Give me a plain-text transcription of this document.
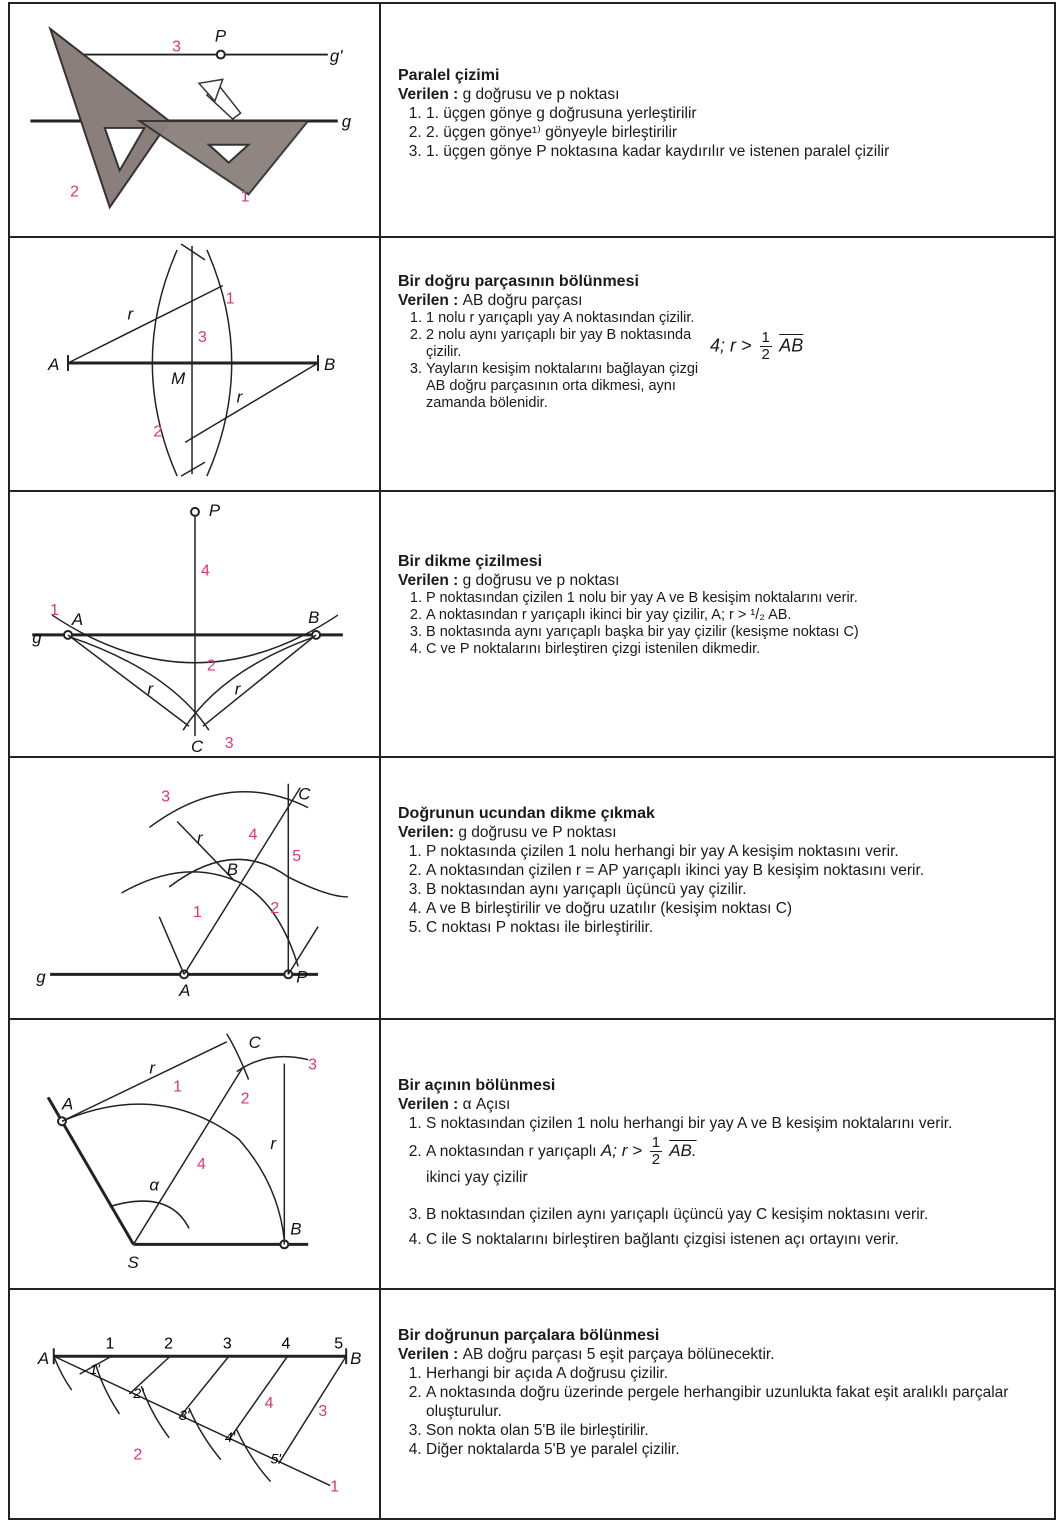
P
g'
g
3
2	1
Paralel çizimi
Verilen : g doğrusu ve p noktası
1. 1. üçgen gönye g doğrusuna yerleştirilir
2. 2. üçgen gönye¹⁾ gönyeyle birleştirilir
3. 1. üçgen gönye P noktasına kadar kaydırılır ve istenen paralel çizilir
A	B
M
r
r
1
2
3
Bir doğru parçasının bölünmesi
Verilen : AB doğru parçası
1. 1 nolu r yarıçaplı yay A noktasından çizilir.
2. 2 nolu aynı yarıçaplı bir yay B noktasında çizilir.
3. Yayların kesişim noktalarını bağlayan çizgi AB doğru parçasının orta dikmesi, aynı zamanda bölenidir.
4; $r > \frac{1}{2} \overline{AB}$
P
A	B
C
g
r	r
1
2
3
4
Bir dikme çizilmesi
Verilen : g doğrusu ve p noktası
1. P noktasından çizilen 1 nolu bir yay A ve B kesişim noktalarını verir.
2. A noktasından r yarıçaplı ikinci bir yay çizilir, A; r > ¹/₂ AB.
3. B noktasında aynı yarıçaplı başka bir yay çizilir (kesişme noktası C)
4. C ve P noktalarını birleştiren çizgi istenilen dikmedir.
A
B
C
P
g
r
1	2
3
4
5
Doğrunun ucundan dikme çıkmak
Verilen: g doğrusu ve P noktası
1. P noktasında çizilen 1 nolu herhangi bir yay A kesişim noktasını verir.
2. A noktasından çizilen r = AP yarıçaplı ikinci yay B kesişim noktasını verir.
3. B noktasından aynı yarıçaplı üçüncü yay çizilir.
4. A ve B birleştirilir ve doğru uzatılır (kesişim noktası C)
5. C noktası P noktası ile birleştirilir.
A
B
C
S
r
r
α
1
2
3
4
Bir açının bölünmesi
Verilen : α Açısı
1. S noktasından çizilen 1 nolu herhangi bir yay A ve B kesişim noktalarını verir.
2. A noktasından r yarıçaplı A; $r > \frac{1}{2}$ AB.
ikinci yay çizilir
3. B noktasından çizilen aynı yarıçaplı üçüncü yay C kesişim noktasını verir.
4. C ile S noktalarını birleştiren bağlantı çizgisi istenen açı ortayını verir.
A	B
1	2	3	4	5
1'
2'
3'
4'
5'
1
2
3
4
Bir doğrunun parçalara bölünmesi
Verilen : AB doğru parçası 5 eşit parçaya bölünecektir.
1. Herhangi bir açıda A doğrusu çizilir.
2. A noktasında doğru üzerinde pergele herhangibir uzunlukta fakat eşit aralıklı parçalar oluşturulur.
3. Son nokta olan 5'B ile birleştirilir.
4. Diğer noktalarda 5'B ye paralel çizilir.
